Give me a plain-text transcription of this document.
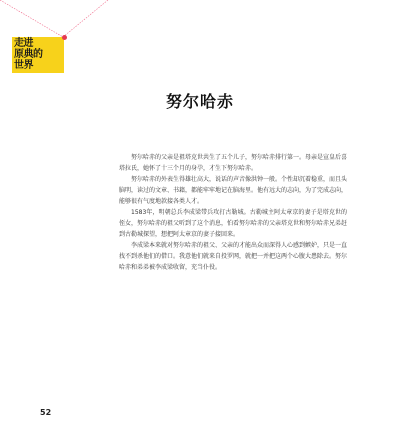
走进
原典的
世界
努尔哈赤

努尔哈赤的父亲是祖塔克世共生了五个儿子，努尔哈赤排行第一。母亲是宣皇后喜塔拉氏，她怀了十三个月的身孕，才生下努尔哈赤。

努尔哈赤的外表生得雄壮高大，说话的声音像洪钟一般。个性却沉着稳重，而且头脑明，读过的文章、书籍，都能牢牢地记在脑海里。他有远大的志向，为了完成志向，能够很有气度地款接各类人才。

1583年，明朝总兵李成梁带兵攻打古勒城。古勒城主阿太章京的妻子是塔克世的侄女，努尔哈赤的祖父听到了这个消息，怕看努尔哈赤的父亲塔克世和努尔哈赤兄弟赶到古勒城探望，想把阿太章京的妻子接回来。

李成梁本来就对努尔哈赤的祖父、父亲的才能出众而深得人心感到嫉妒，只是一直找不到杀他们的借口。我意他们就来自投罗网，就把一并把这两个心腹大患除去。努尔哈赤和弟弟被李成梁收留，充当仆役。

52
